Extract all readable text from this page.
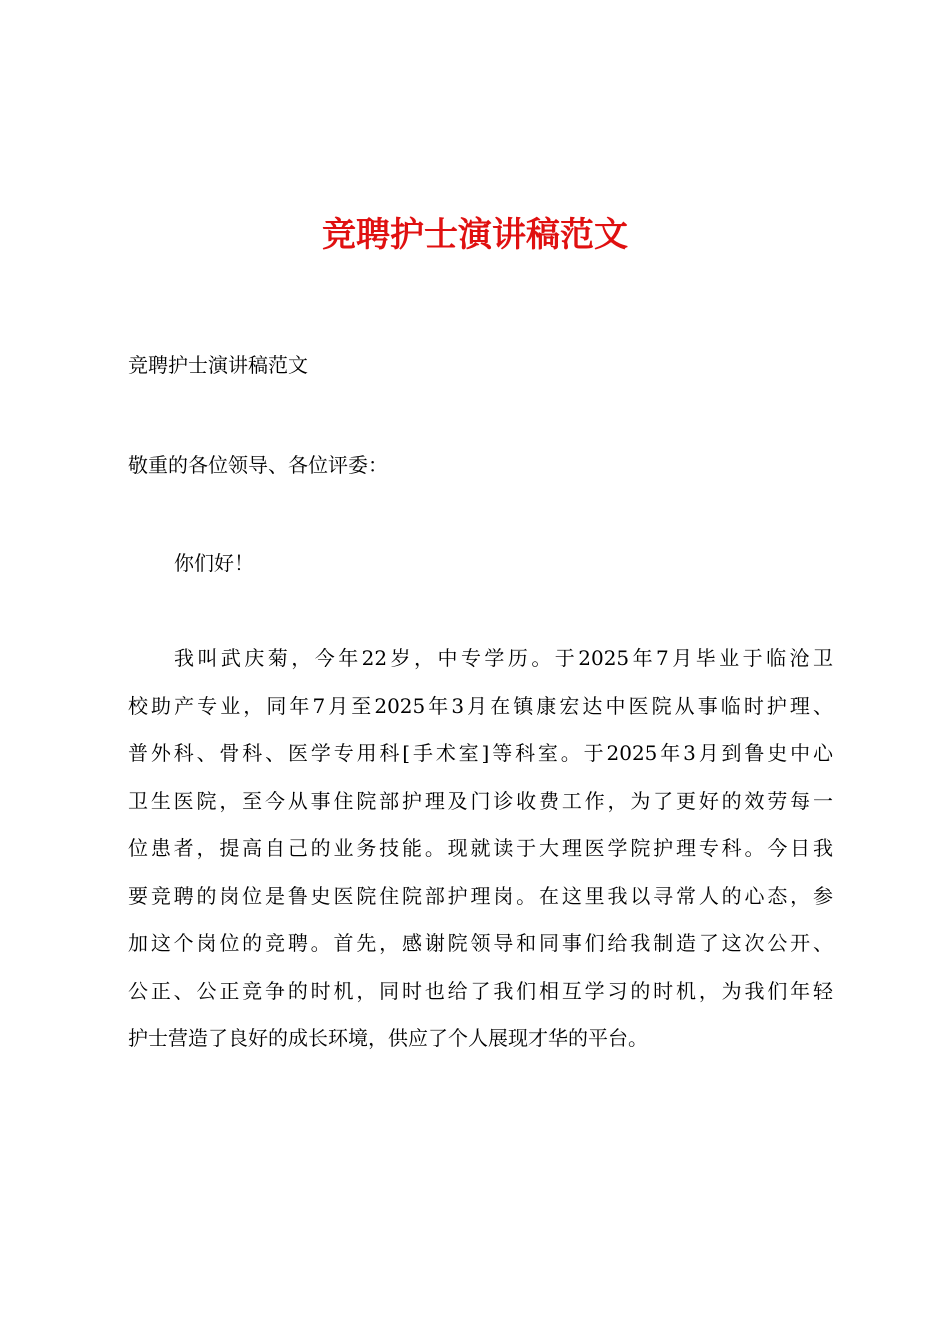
竞聘护士演讲稿范文

竞聘护士演讲稿范文

敬重的各位领导、各位评委：

你们好！

我叫武庆菊，今年22岁，中专学历。于2025年7月毕业于临沧卫
校助产专业，同年7月至2025年3月在镇康宏达中医院从事临时护理、
普外科、骨科、医学专用科[手术室]等科室。于2025年3月到鲁史中心
卫生医院，至今从事住院部护理及门诊收费工作，为了更好的效劳每一
位患者，提高自己的业务技能。现就读于大理医学院护理专科。今日我
要竞聘的岗位是鲁史医院住院部护理岗。在这里我以寻常人的心态，参
加这个岗位的竞聘。首先，感谢院领导和同事们给我制造了这次公开、
公正、公正竞争的时机，同时也给了我们相互学习的时机，为我们年轻
护士营造了良好的成长环境，供应了个人展现才华的平台。
